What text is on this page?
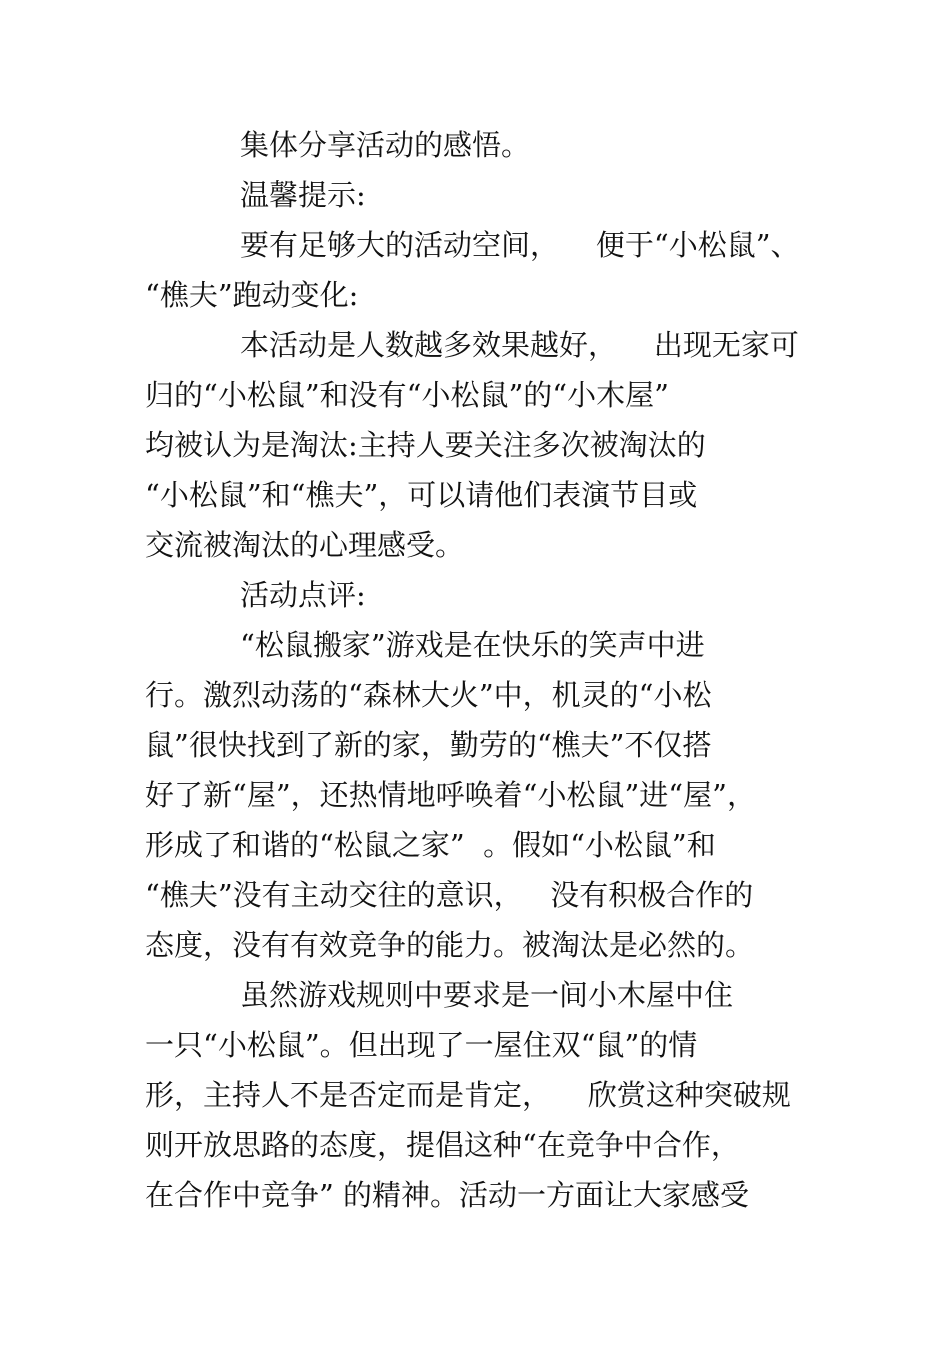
集体分享活动的感悟。
温馨提示:
要有足够大的活动空间，    便于“小松鼠”、
“樵夫”跑动变化:
本活动是人数越多效果越好，    出现无家可
归的“小松鼠”和没有“小松鼠”的“小木屋”
均被认为是淘汰:主持人要关注多次被淘汰的
“小松鼠”和“樵夫”，可以请他们表演节目或
交流被淘汰的心理感受。
活动点评:
“松鼠搬家”游戏是在快乐的笑声中进
行。激烈动荡的“森林大火”中，机灵的“小松
鼠”很快找到了新的家，勤劳的“樵夫”不仅搭
好了新“屋”，还热情地呼唤着“小松鼠”进“屋”，
形成了和谐的“松鼠之家”  。假如“小松鼠”和
“樵夫”没有主动交往的意识，   没有积极合作的
态度，没有有效竞争的能力。被淘汰是必然的。
虽然游戏规则中要求是一间小木屋中住
一只“小松鼠”。但出现了一屋住双“鼠”的情
形，主持人不是否定而是肯定，    欣赏这种突破规
则开放思路的态度，提倡这种“在竞争中合作，
在合作中竞争” 的精神。活动一方面让大家感受
